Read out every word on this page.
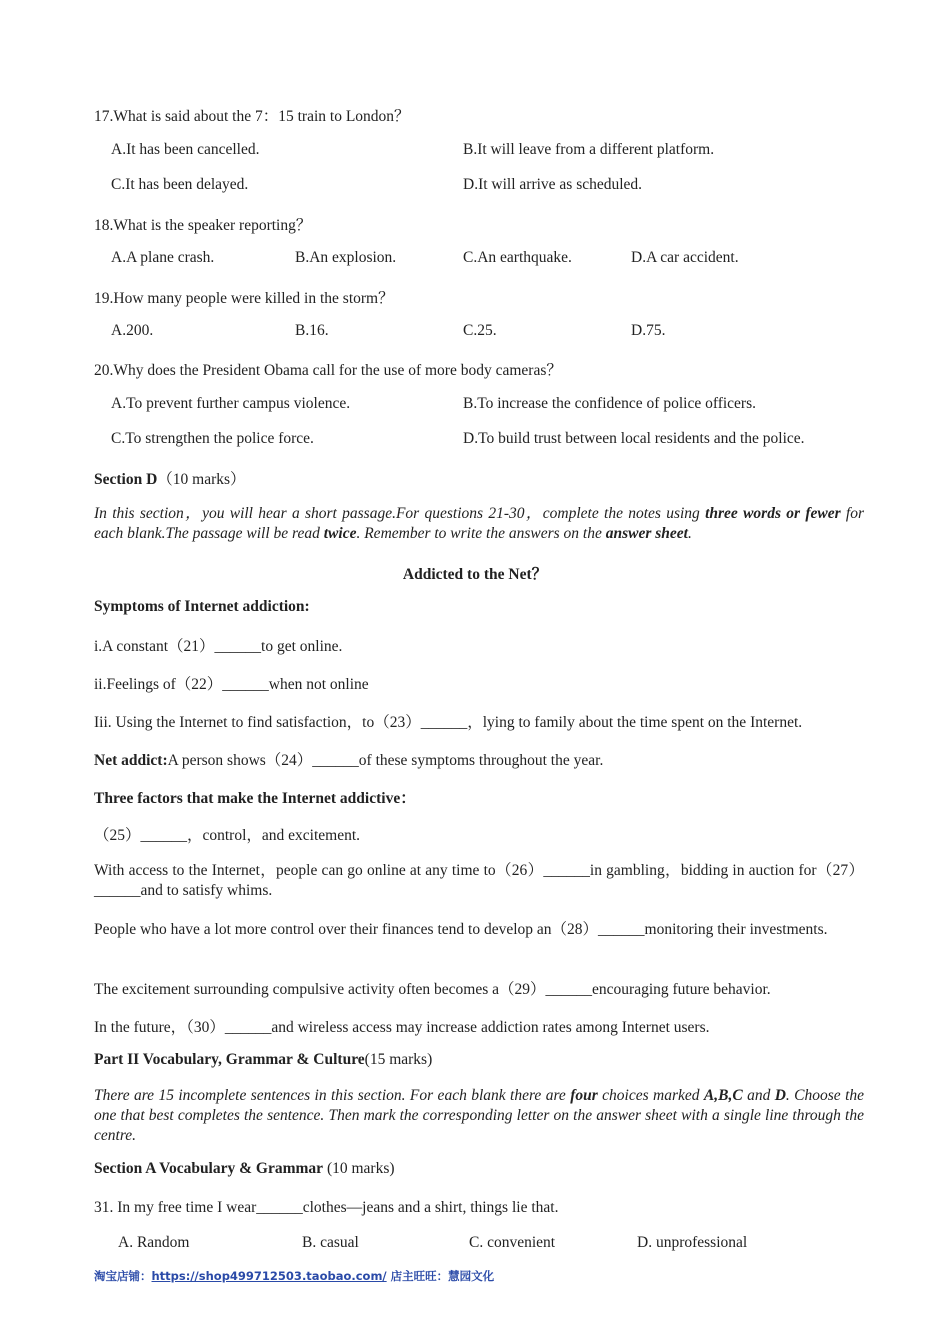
17.What is said about the 7：15 train to London？
A.It has been cancelled.	B.It will leave from a different platform.
C.It has been delayed.	D.It will arrive as scheduled.
18.What is the speaker reporting？
A.A plane crash.	B.An explosion.	C.An earthquake.	D.A car accident.
19.How many people were killed in the storm？
A.200.	B.16.	C.25.	D.75.
20.Why does the President Obama call for the use of more body cameras？
A.To prevent further campus violence.	B.To increase the confidence of police officers.
C.To strengthen the police force.	D.To build trust between local residents and the police.
Section D（10 marks）
In this section，you will hear a short passage.For questions 21-30，complete the notes using three words or fewer for each blank.The passage will be read twice. Remember to write the answers on the answer sheet.
Addicted to the Net？
Symptoms of Internet addiction:
i.A constant（21）______to get online.
ii.Feelings of（22）______when not online
Iii. Using the Internet to find satisfaction，to（23）______，lying to family about the time spent on the Internet.
Net addict:A person shows（24）______of these symptoms throughout the year.
Three factors that make the Internet addictive：
（25）______，control，and excitement.
With access to the Internet，people can go online at any time to（26）______in gambling，bidding in auction for（27）______and to satisfy whims.
People who have a lot more control over their finances tend to develop an（28）______monitoring their investments.
The excitement surrounding compulsive activity often becomes a（29）______encouraging future behavior.
In the future，（30）______and wireless access may increase addiction rates among Internet users.
Part II Vocabulary, Grammar & Culture(15 marks)
There are 15 incomplete sentences in this section. For each blank there are four choices marked A,B,C and D. Choose the one that best completes the sentence. Then mark the corresponding letter on the answer sheet with a single line through the centre.
Section A Vocabulary & Grammar (10 marks)
31. In my free time I wear______clothes—jeans and a shirt, things lie that.
A. Random	B. casual	C. convenient	D. unprofessional
淘宝店铺：https://shop499712503.taobao.com/ 店主旺旺：慧园文化
